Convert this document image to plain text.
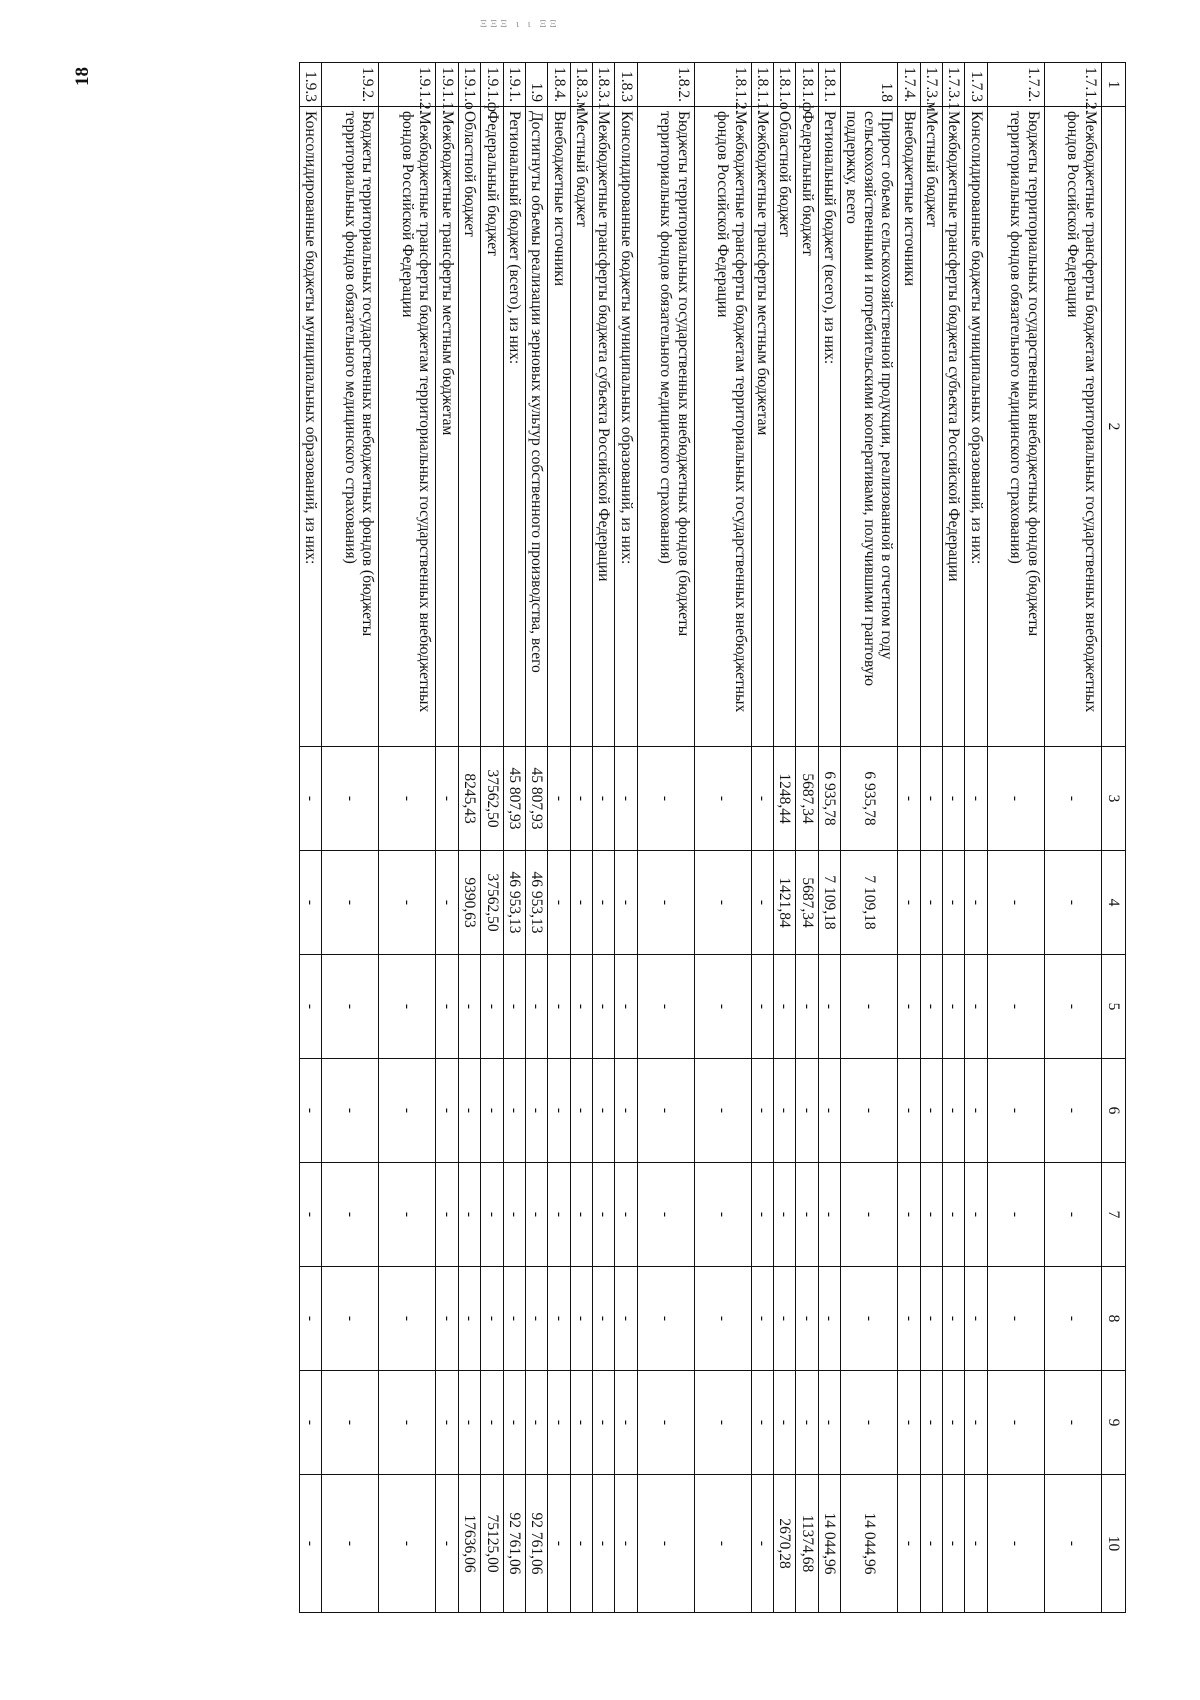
18
ΞΞΞ ι ι ΞΞ
1	2	3	4	5	6	7	8	9	10
1.7.1.2.	Межбюджетные трансферты бюджетам территориальных государственных внебюджетных фондов Российской Федерации	-	-	-	-	-	-	-	-
1.7.2.	Бюджеты территориальных государственных внебюджетных фондов (бюджеты территориальных фондов обязательного медицинского страхования)	-	-	-	-	-	-	-	-
1.7.3	Консолидированные бюджеты муниципальных образований, из них:	-	-	-	-	-	-	-	-
1.7.3.1	Межбюджетные трансферты бюджета субъекта Российской Федерации	-	-	-	-	-	-	-	-
1.7.3.м	Местный бюджет	-	-	-	-	-	-	-	-
1.7.4.	Внебюджетные источники	-	-	-	-	-	-	-	-
1.8	Прирост объема сельскохозяйственной продукции, реализованной в отчетном году сельскохозяйственными и потребительскими кооперативами, получившими грантовую поддержку, всего	6 935,78	7 109,18	-	-	-	-	-	14 044,96
1.8.1.	Региональный бюджет (всего), из них:	6 935,78	7 109,18	-	-	-	-	-	14 044,96
1.8.1.ф	Федеральный бюджет	5687,34	5687,34	-	-	-	-	-	11374,68
1.8.1.о	Областной бюджет	1248,44	1421,84	-	-	-	-	-	2670,28
1.8.1.1.	Межбюджетные трансферты местным бюджетам	-	-	-	-	-	-	-	-
1.8.1.2.	Межбюджетные трансферты бюджетам территориальных государственных внебюджетных фондов Российской Федерации	-	-	-	-	-	-	-	-
1.8.2.	Бюджеты территориальных государственных внебюджетных фондов (бюджеты территориальных фондов обязательного медицинского страхования)	-	-	-	-	-	-	-	-
1.8.3	Консолидированные бюджеты муниципальных образований, из них:	-	-	-	-	-	-	-	-
1.8.3.1	Межбюджетные трансферты бюджета субъекта Российской Федерации	-	-	-	-	-	-	-	-
1.8.3.м	Местный бюджет	-	-	-	-	-	-	-	-
1.8.4.	Внебюджетные источники	-	-	-	-	-	-	-	-
1.9	Достигнуты объемы реализации зерновых культур собственного производства, всего	45 807,93	46 953,13	-	-	-	-	-	92 761,06
1.9.1.	Региональный бюджет (всего), из них:	45 807,93	46 953,13	-	-	-	-	-	92 761,06
1.9.1.ф	Федеральный бюджет	37562,50	37562,50	-	-	-	-	-	75125,00
1.9.1.о	Областной бюджет	8245,43	9390,63	-	-	-	-	-	17636,06
1.9.1.1.	Межбюджетные трансферты местным бюджетам	-	-	-	-	-	-	-	-
1.9.1.2.	Межбюджетные трансферты бюджетам территориальных государственных внебюджетных фондов Российской Федерации	-	-	-	-	-	-	-	-
1.9.2.	Бюджеты территориальных государственных внебюджетных фондов (бюджеты территориальных фондов обязательного медицинского страхования)	-	-	-	-	-	-	-	-
1.9.3	Консолидированные бюджеты муниципальных образований, из них:	-	-	-	-	-	-	-	-
